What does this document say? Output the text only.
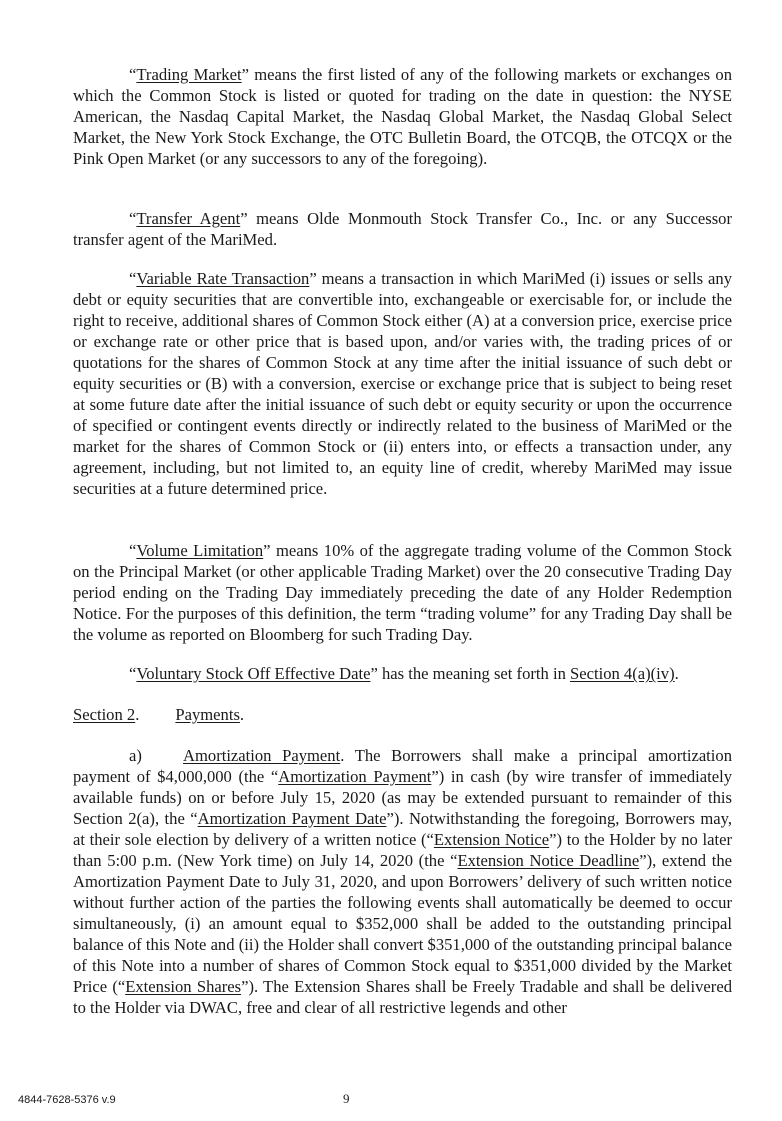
“Trading Market” means the first listed of any of the following markets or exchanges on which the Common Stock is listed or quoted for trading on the date in question: the NYSE American, the Nasdaq Capital Market, the Nasdaq Global Market, the Nasdaq Global Select Market, the New York Stock Exchange, the OTC Bulletin Board, the OTCQB, the OTCQX or the Pink Open Market (or any successors to any of the foregoing).

“Transfer Agent” means Olde Monmouth Stock Transfer Co., Inc. or any Successor transfer agent of the MariMed.

“Variable Rate Transaction” means a transaction in which MariMed (i) issues or sells any debt or equity securities that are convertible into, exchangeable or exercisable for, or include the right to receive, additional shares of Common Stock either (A) at a conversion price, exercise price or exchange rate or other price that is based upon, and/or varies with, the trading prices of or quotations for the shares of Common Stock at any time after the initial issuance of such debt or equity securities or (B) with a conversion, exercise or exchange price that is subject to being reset at some future date after the initial issuance of such debt or equity security or upon the occurrence of specified or contingent events directly or indirectly related to the business of MariMed or the market for the shares of Common Stock or (ii) enters into, or effects a transaction under, any agreement, including, but not limited to, an equity line of credit, whereby MariMed may issue securities at a future determined price.

“Volume Limitation” means 10% of the aggregate trading volume of the Common Stock on the Principal Market (or other applicable Trading Market) over the 20 consecutive Trading Day period ending on the Trading Day immediately preceding the date of any Holder Redemption Notice. For the purposes of this definition, the term “trading volume” for any Trading Day shall be the volume as reported on Bloomberg for such Trading Day.

“Voluntary Stock Off Effective Date” has the meaning set forth in Section 4(a)(iv).

Section 2. Payments.

a) Amortization Payment. The Borrowers shall make a principal amortization payment of $4,000,000 (the “Amortization Payment”) in cash (by wire transfer of immediately available funds) on or before July 15, 2020 (as may be extended pursuant to remainder of this Section 2(a), the “Amortization Payment Date”). Notwithstanding the foregoing, Borrowers may, at their sole election by delivery of a written notice (“Extension Notice”) to the Holder by no later than 5:00 p.m. (New York time) on July 14, 2020 (the “Extension Notice Deadline”), extend the Amortization Payment Date to July 31, 2020, and upon Borrowers’ delivery of such written notice without further action of the parties the following events shall automatically be deemed to occur simultaneously, (i) an amount equal to $352,000 shall be added to the outstanding principal balance of this Note and (ii) the Holder shall convert $351,000 of the outstanding principal balance of this Note into a number of shares of Common Stock equal to $351,000 divided by the Market Price (“Extension Shares”). The Extension Shares shall be Freely Tradable and shall be delivered to the Holder via DWAC, free and clear of all restrictive legends and other

4844-7628-5376 v.9	9
